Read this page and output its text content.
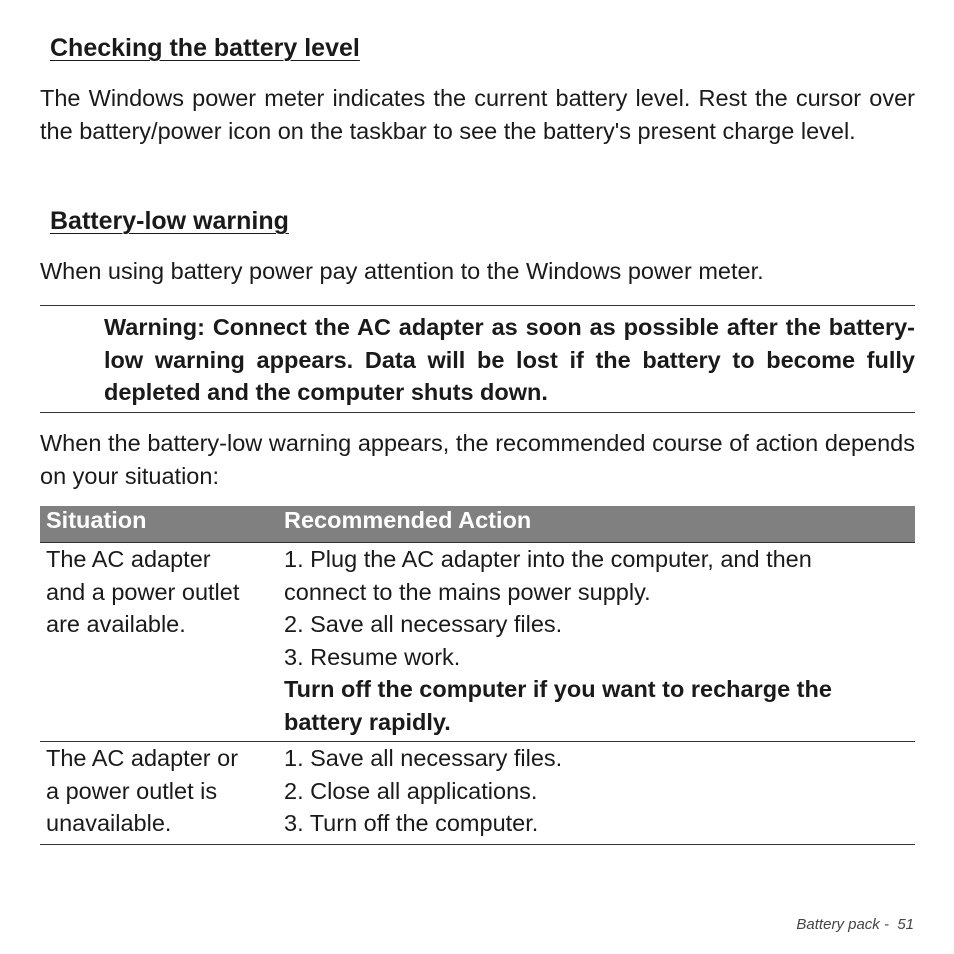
Checking the battery level
The Windows power meter indicates the current battery level. Rest the cursor over the battery/power icon on the taskbar to see the battery's present charge level.
Battery-low warning
When using battery power pay attention to the Windows power meter.
Warning: Connect the AC adapter as soon as possible after the battery-low warning appears. Data will be lost if the battery to become fully depleted and the computer shuts down.
When the battery-low warning appears, the recommended course of action depends on your situation:
Situation	Recommended Action
The AC adapter
and a power outlet
are available.
1. Plug the AC adapter into the computer, and then
connect to the mains power supply.
2. Save all necessary files.
3. Resume work.
Turn off the computer if you want to recharge the
battery rapidly.
The AC adapter or
a power outlet is
unavailable.
1. Save all necessary files.
2. Close all applications.
3. Turn off the computer.
Battery pack - 51
